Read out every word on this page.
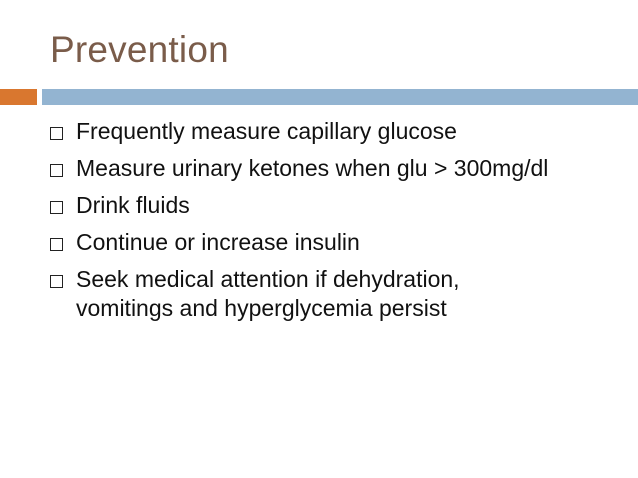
Prevention
Frequently measure capillary glucose
Measure urinary ketones when glu > 300mg/dl
Drink fluids
Continue or increase insulin
Seek medical attention if dehydration,
vomitings and hyperglycemia persist
